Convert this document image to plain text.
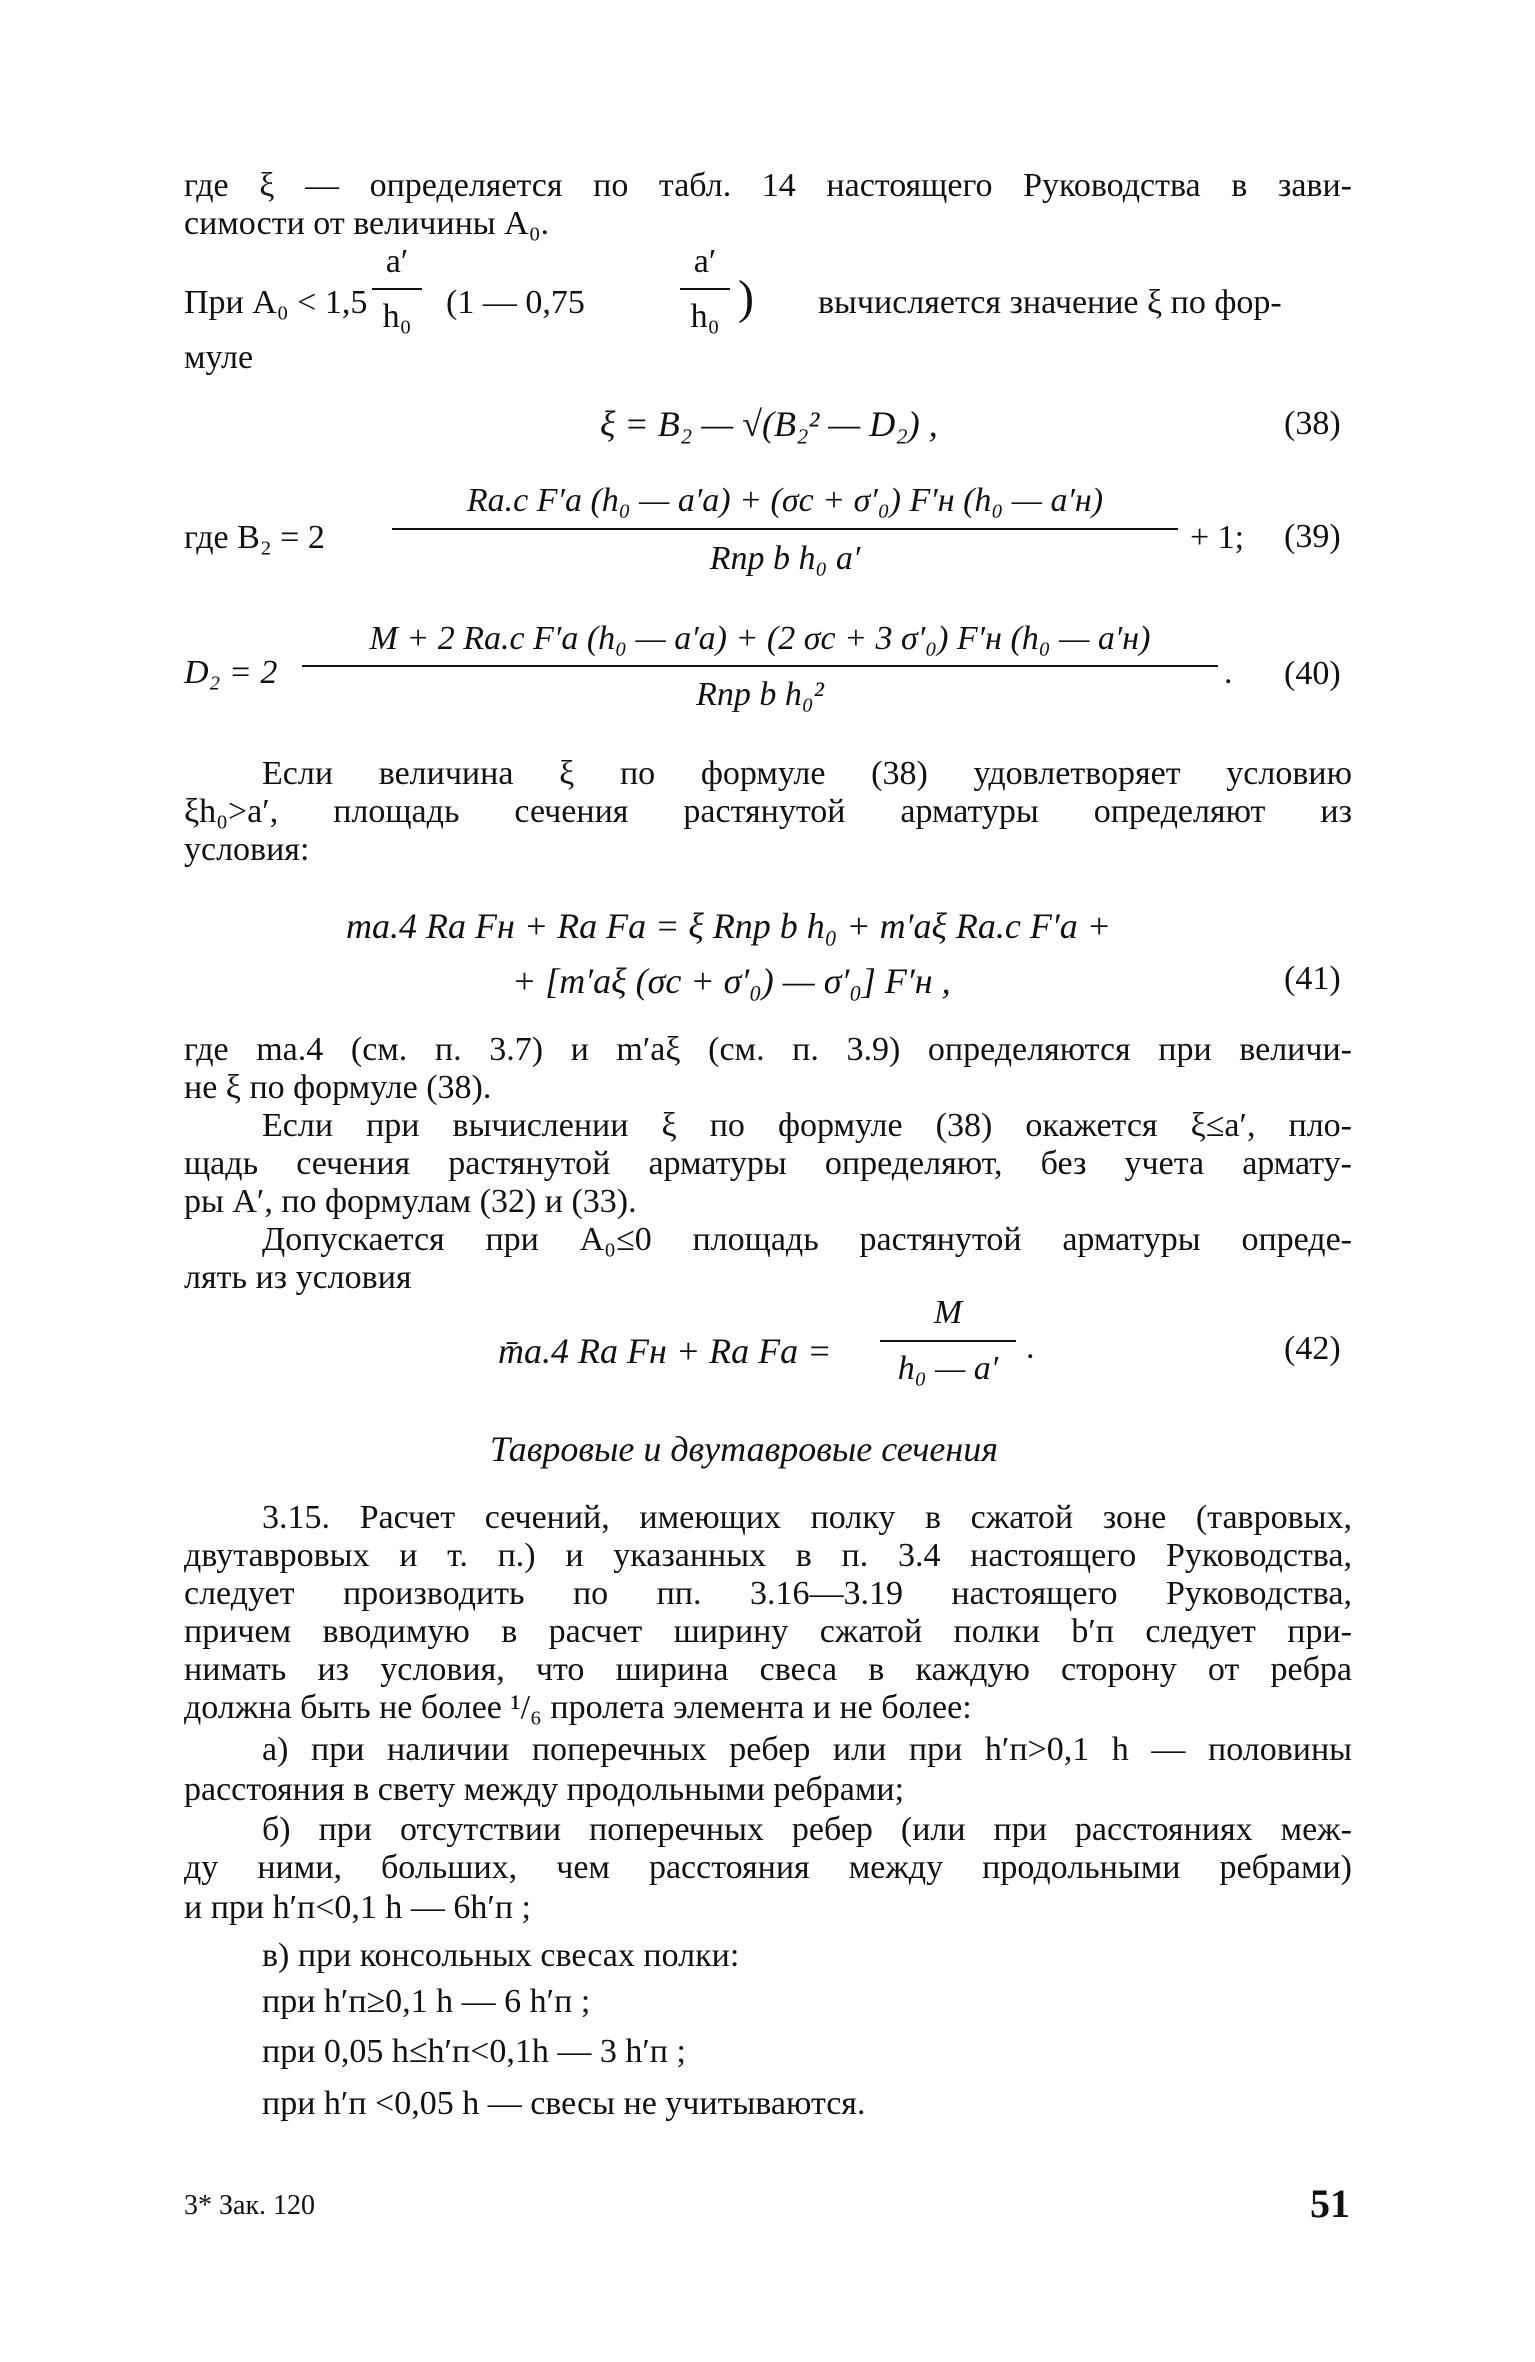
где ξ — определяется по табл. 14 настоящего Руководства в зави-
симости от величины A₀.
При A₀ < 1,5
a′
h₀	(1 — 0,75
a′
h₀ ) вычисляется значение ξ по фор-
муле
ξ = B₂ — √(B₂² — D₂) ,	(38)
где B₂ = 2
Rа.с F′а (h₀ — a′а) + (σс + σ′₀) F′н (h₀ — a′н)
Rпр b h₀ a′
+ 1; (39)
D₂ = 2
M + 2 Rа.с F′а (h₀ — a′а) + (2 σс + 3 σ′₀) F′н (h₀ — a′н)
Rпр b h₀²
. (40)
Если величина ξ по формуле (38) удовлетворяет условию
ξh₀>a′, площадь сечения растянутой арматуры определяют из
условия:
mа.4 Rа Fн + Rа Fа = ξ Rпр b h₀ + m′аξ Rа.с F′а +
+ [m′аξ (σс + σ′₀) — σ′₀] F′н ,	(41)
где mа.4 (см. п. 3.7) и m′аξ (см. п. 3.9) определяются при величи-
не ξ по формуле (38).
Если при вычислении ξ по формуле (38) окажется ξ≤a′, пло-
щадь сечения растянутой арматуры определяют, без учета армату-
ры A′, по формулам (32) и (33).
Допускается при A₀≤0 площадь растянутой арматуры опреде-
лять из условия
m̄а.4 Rа Fн + Rа Fа =
M
h₀ — a′
.	(42)
Тавровые и двутавровые сечения
3.15. Расчет сечений, имеющих полку в сжатой зоне (тавровых,
двутавровых и т. п.) и указанных в п. 3.4 настоящего Руководства,
следует производить по пп. 3.16—3.19 настоящего Руководства,
причем вводимую в расчет ширину сжатой полки b′п следует при-
нимать из условия, что ширина свеса в каждую сторону от ребра
должна быть не более ¹/₆ пролета элемента и не более:
а) при наличии поперечных ребер или при h′п>0,1 h — половины
расстояния в свету между продольными ребрами;
б) при отсутствии поперечных ребер (или при расстояниях меж-
ду ними, больших, чем расстояния между продольными ребрами)
и при h′п<0,1 h — 6h′п ;
в) при консольных свесах полки:
при h′п≥0,1 h — 6 h′п ;
при 0,05 h≤h′п<0,1h — 3 h′п ;
при h′п <0,05 h — свесы не учитываются.
3* Зак. 120	51
